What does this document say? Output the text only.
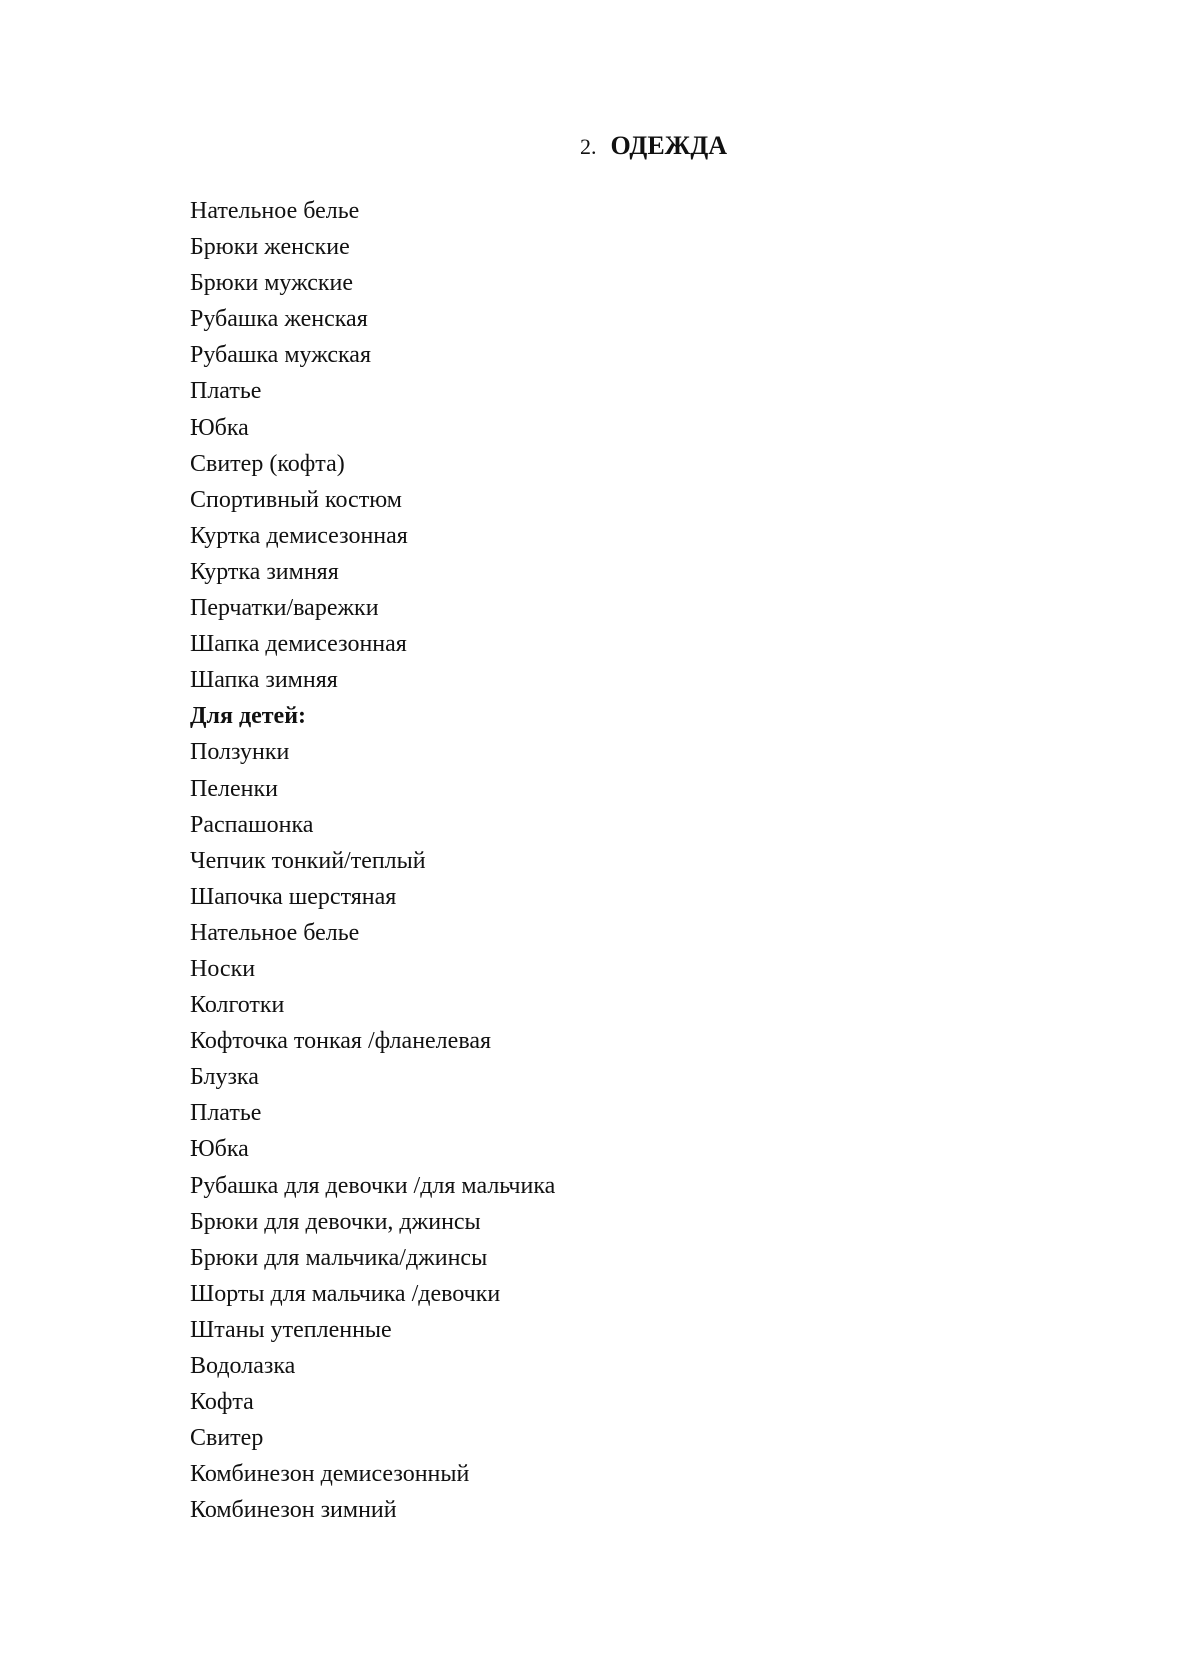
2. ОДЕЖДА
Нательное белье
Брюки женские
Брюки мужские
Рубашка женская
Рубашка мужская
Платье
Юбка
Свитер (кофта)
Спортивный костюм
Куртка демисезонная
Куртка зимняя
Перчатки/варежки
Шапка демисезонная
Шапка зимняя
Для детей:
Ползунки
Пеленки
Распашонка
Чепчик тонкий/теплый
Шапочка шерстяная
Нательное белье
Носки
Колготки
Кофточка тонкая /фланелевая
Блузка
Платье
Юбка
Рубашка для девочки /для мальчика
Брюки для девочки, джинсы
Брюки для мальчика/джинсы
Шорты для мальчика /девочки
Штаны утепленные
Водолазка
Кофта
Свитер
Комбинезон демисезонный
Комбинезон зимний
